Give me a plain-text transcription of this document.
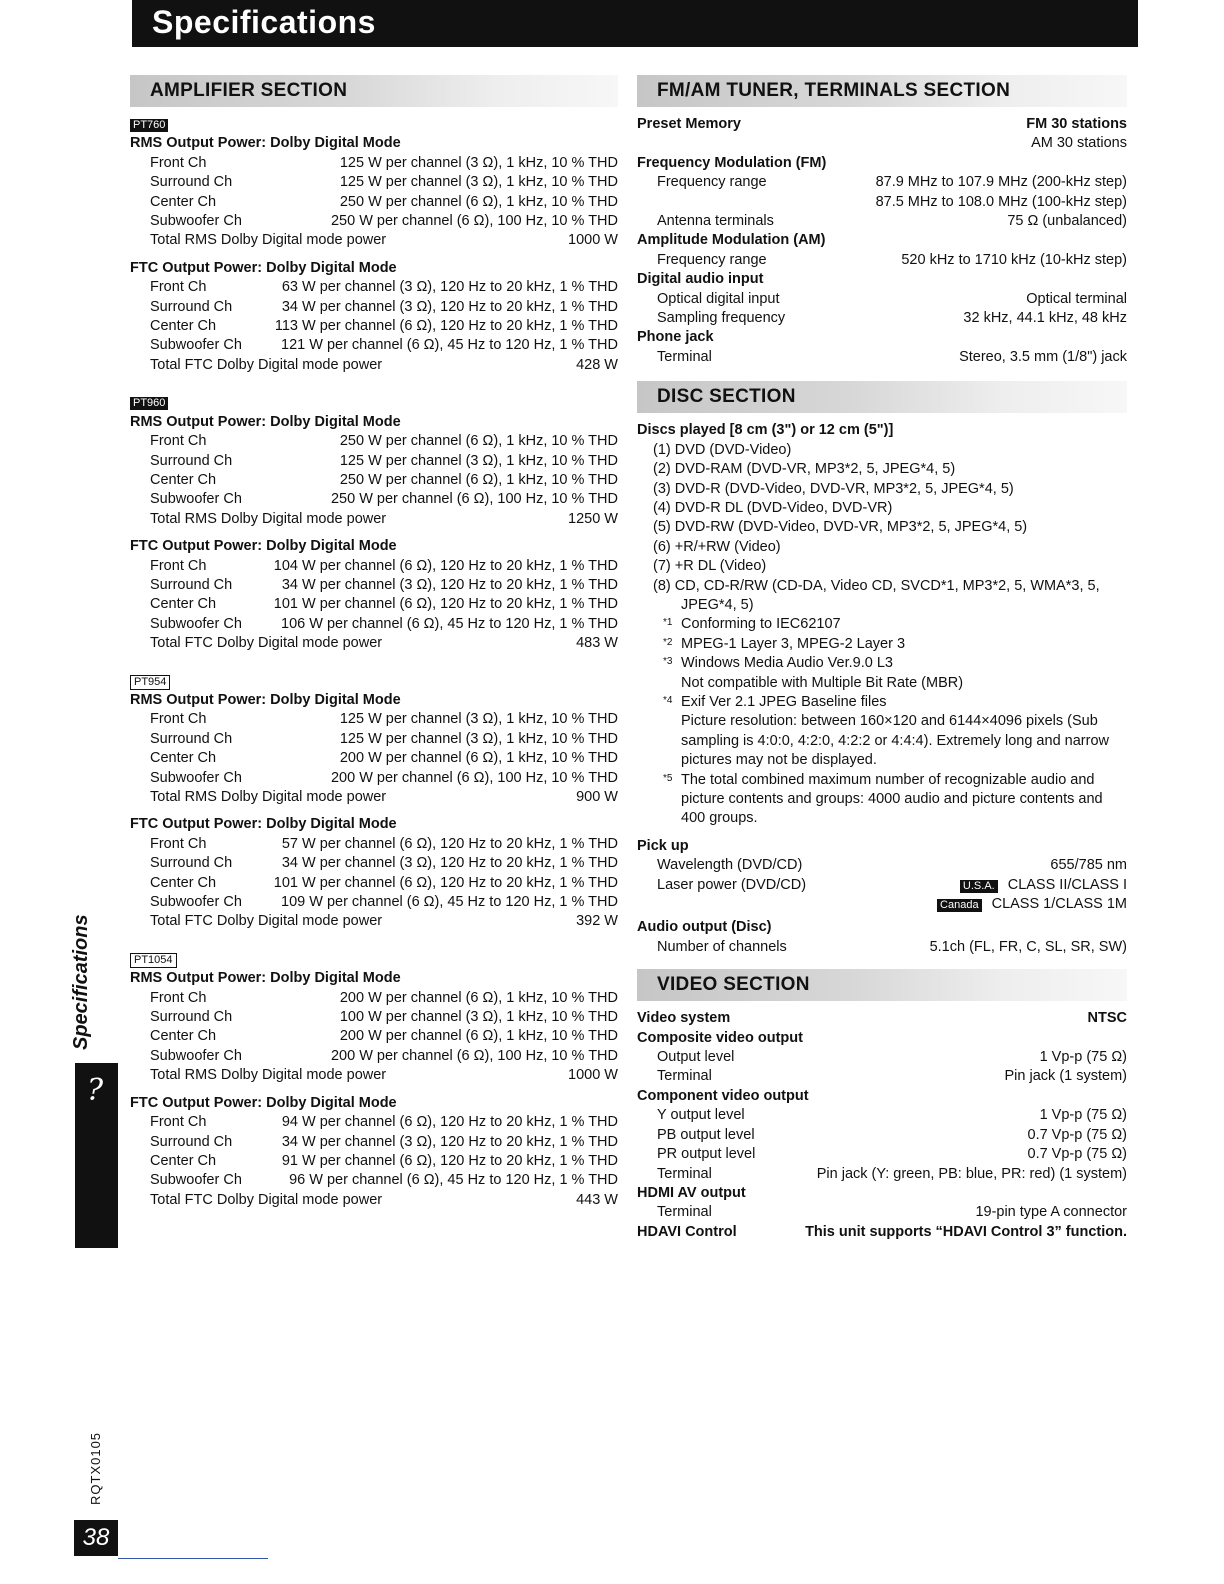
Specifications
AMPLIFIER SECTION
PT760
RMS Output Power: Dolby Digital Mode
Front Ch	125 W per channel (3 Ω), 1 kHz, 10 % THD
Surround Ch	125 W per channel (3 Ω), 1 kHz, 10 % THD
Center Ch	250 W per channel (6 Ω), 1 kHz, 10 % THD
Subwoofer Ch	250 W per channel (6 Ω), 100 Hz, 10 % THD
Total RMS Dolby Digital mode power	1000 W
FTC Output Power: Dolby Digital Mode
Front Ch	63 W per channel (3 Ω), 120 Hz to 20 kHz, 1 % THD
Surround Ch	34 W per channel (3 Ω), 120 Hz to 20 kHz, 1 % THD
Center Ch	113 W per channel (6 Ω), 120 Hz to 20 kHz, 1 % THD
Subwoofer Ch	121 W per channel (6 Ω), 45 Hz to 120 Hz, 1 % THD
Total FTC Dolby Digital mode power	428 W
PT960
RMS Output Power: Dolby Digital Mode
Front Ch	250 W per channel (6 Ω), 1 kHz, 10 % THD
Surround Ch	125 W per channel (3 Ω), 1 kHz, 10 % THD
Center Ch	250 W per channel (6 Ω), 1 kHz, 10 % THD
Subwoofer Ch	250 W per channel (6 Ω), 100 Hz, 10 % THD
Total RMS Dolby Digital mode power	1250 W
FTC Output Power: Dolby Digital Mode
Front Ch	104 W per channel (6 Ω), 120 Hz to 20 kHz, 1 % THD
Surround Ch	34 W per channel (3 Ω), 120 Hz to 20 kHz, 1 % THD
Center Ch	101 W per channel (6 Ω), 120 Hz to 20 kHz, 1 % THD
Subwoofer Ch	106 W per channel (6 Ω), 45 Hz to 120 Hz, 1 % THD
Total FTC Dolby Digital mode power	483 W
PT954
RMS Output Power: Dolby Digital Mode
Front Ch	125 W per channel (3 Ω), 1 kHz, 10 % THD
Surround Ch	125 W per channel (3 Ω), 1 kHz, 10 % THD
Center Ch	200 W per channel (6 Ω), 1 kHz, 10 % THD
Subwoofer Ch	200 W per channel (6 Ω), 100 Hz, 10 % THD
Total RMS Dolby Digital mode power	900 W
FTC Output Power: Dolby Digital Mode
Front Ch	57 W per channel (6 Ω), 120 Hz to 20 kHz, 1 % THD
Surround Ch	34 W per channel (3 Ω), 120 Hz to 20 kHz, 1 % THD
Center Ch	101 W per channel (6 Ω), 120 Hz to 20 kHz, 1 % THD
Subwoofer Ch	109 W per channel (6 Ω), 45 Hz to 120 Hz, 1 % THD
Total FTC Dolby Digital mode power	392 W
PT1054
RMS Output Power: Dolby Digital Mode
Front Ch	200 W per channel (6 Ω), 1 kHz, 10 % THD
Surround Ch	100 W per channel (3 Ω), 1 kHz, 10 % THD
Center Ch	200 W per channel (6 Ω), 1 kHz, 10 % THD
Subwoofer Ch	200 W per channel (6 Ω), 100 Hz, 10 % THD
Total RMS Dolby Digital mode power	1000 W
FTC Output Power: Dolby Digital Mode
Front Ch	94 W per channel (6 Ω), 120 Hz to 20 kHz, 1 % THD
Surround Ch	34 W per channel (3 Ω), 120 Hz to 20 kHz, 1 % THD
Center Ch	91 W per channel (6 Ω), 120 Hz to 20 kHz, 1 % THD
Subwoofer Ch	96 W per channel (6 Ω), 45 Hz to 120 Hz, 1 % THD
Total FTC Dolby Digital mode power	443 W
FM/AM TUNER, TERMINALS SECTION
Preset Memory	FM 30 stations
AM 30 stations
Frequency Modulation (FM)
Frequency range	87.9 MHz to 107.9 MHz (200-kHz step)
87.5 MHz to 108.0 MHz (100-kHz step)
Antenna terminals	75 Ω (unbalanced)
Amplitude Modulation (AM)
Frequency range	520 kHz to 1710 kHz (10-kHz step)
Digital audio input
Optical digital input	Optical terminal
Sampling frequency	32 kHz, 44.1 kHz, 48 kHz
Phone jack
Terminal	Stereo, 3.5 mm (1/8") jack
DISC SECTION
Discs played [8 cm (3") or 12 cm (5")]
(1) DVD (DVD-Video)
(2) DVD-RAM (DVD-VR, MP3*2, 5, JPEG*4, 5)
(3) DVD-R (DVD-Video, DVD-VR, MP3*2, 5, JPEG*4, 5)
(4) DVD-R DL (DVD-Video, DVD-VR)
(5) DVD-RW (DVD-Video, DVD-VR, MP3*2, 5, JPEG*4, 5)
(6) +R/+RW (Video)
(7) +R DL (Video)
(8) CD, CD-R/RW (CD-DA, Video CD, SVCD*1, MP3*2, 5, WMA*3, 5,
JPEG*4, 5)
*1 Conforming to IEC62107
*2 MPEG-1 Layer 3, MPEG-2 Layer 3
*3 Windows Media Audio Ver.9.0 L3
Not compatible with Multiple Bit Rate (MBR)
*4 Exif Ver 2.1 JPEG Baseline files
Picture resolution: between 160×120 and 6144×4096 pixels (Sub
sampling is 4:0:0, 4:2:0, 4:2:2 or 4:4:4). Extremely long and narrow
pictures may not be displayed.
*5 The total combined maximum number of recognizable audio and
picture contents and groups: 4000 audio and picture contents and
400 groups.
Pick up
Wavelength (DVD/CD)	655/785 nm
Laser power (DVD/CD)	U.S.A. CLASS II/CLASS I
Canada CLASS 1/CLASS 1M
Audio output (Disc)
Number of channels	5.1ch (FL, FR, C, SL, SR, SW)
VIDEO SECTION
Video system	NTSC
Composite video output
Output level	1 Vp-p (75 Ω)
Terminal	Pin jack (1 system)
Component video output
Y output level	1 Vp-p (75 Ω)
PB output level	0.7 Vp-p (75 Ω)
PR output level	0.7 Vp-p (75 Ω)
Terminal	Pin jack (Y: green, PB: blue, PR: red) (1 system)
HDMI AV output
Terminal	19-pin type A connector
HDAVI Control	This unit supports “HDAVI Control 3” function.
Specifications
?
RQTX0105
38
